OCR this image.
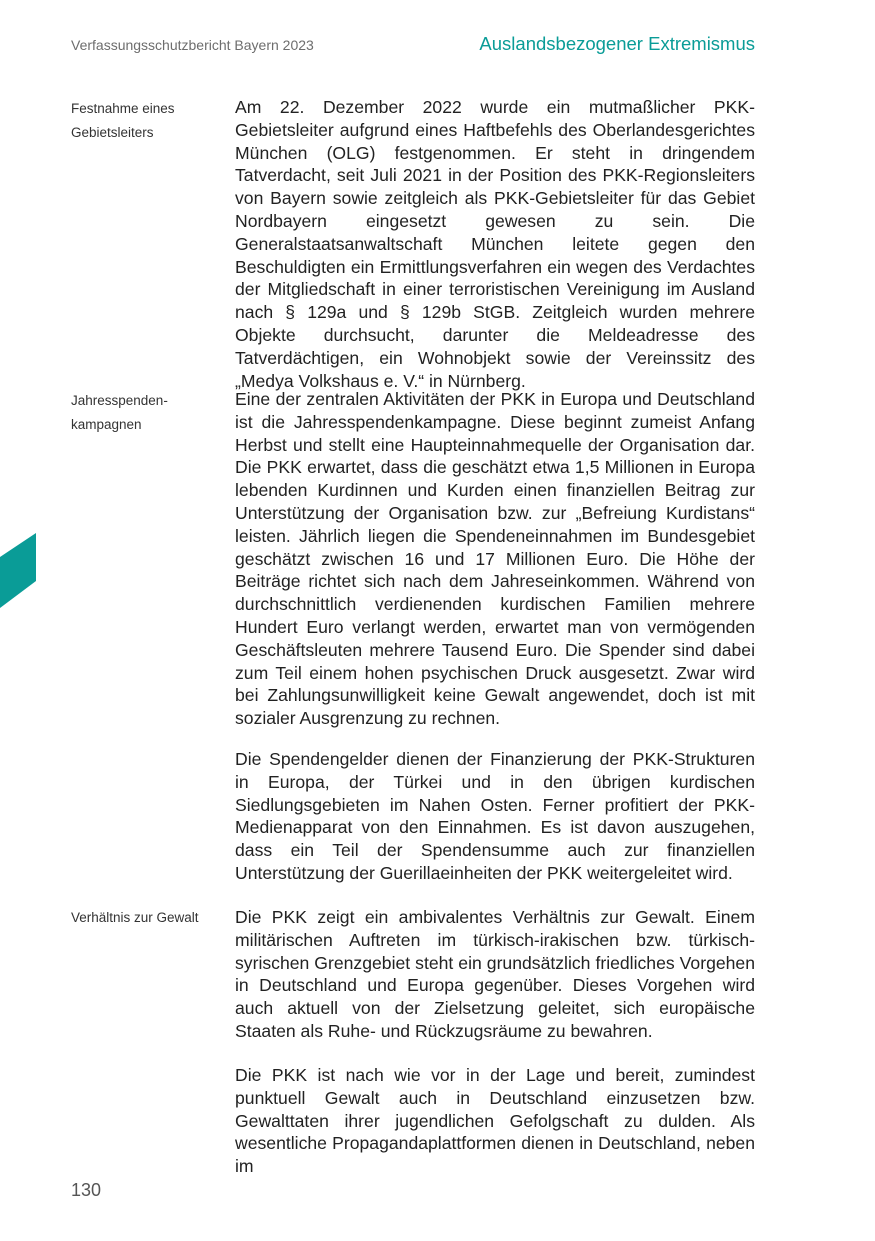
Verfassungsschutzbericht Bayern 2023	Auslandsbezogener Extremismus
Festnahme eines Gebietsleiters

Am 22. Dezember 2022 wurde ein mutmaßlicher PKK-Gebietsleiter aufgrund eines Haftbefehls des Oberlandesgerichtes München (OLG) festgenommen. Er steht in dringendem Tatverdacht, seit Juli 2021 in der Position des PKK-Regionsleiters von Bayern sowie zeitgleich als PKK-Gebietsleiter für das Gebiet Nordbayern eingesetzt gewesen zu sein. Die Generalstaatsanwaltschaft München leitete gegen den Beschuldigten ein Ermittlungsverfahren ein wegen des Verdachtes der Mitgliedschaft in einer terroristischen Vereinigung im Ausland nach § 129a und § 129b StGB. Zeitgleich wurden mehrere Objekte durchsucht, darunter die Meldeadresse des Tatverdächtigen, ein Wohnobjekt sowie der Vereinssitz des „Medya Volkshaus e. V.“ in Nürnberg.

Jahresspenden-kampagnen

Eine der zentralen Aktivitäten der PKK in Europa und Deutschland ist die Jahresspendenkampagne. Diese beginnt zumeist Anfang Herbst und stellt eine Haupteinnahmequelle der Organisation dar. Die PKK erwartet, dass die geschätzt etwa 1,5 Millionen in Europa lebenden Kurdinnen und Kurden einen finanziellen Beitrag zur Unterstützung der Organisation bzw. zur „Befreiung Kurdistans“ leisten. Jährlich liegen die Spendeneinnahmen im Bundesgebiet geschätzt zwischen 16 und 17 Millionen Euro. Die Höhe der Beiträge richtet sich nach dem Jahreseinkommen. Während von durchschnittlich verdienenden kurdischen Familien mehrere Hundert Euro verlangt werden, erwartet man von vermögenden Geschäftsleuten mehrere Tausend Euro. Die Spender sind dabei zum Teil einem hohen psychischen Druck ausgesetzt. Zwar wird bei Zahlungsunwilligkeit keine Gewalt angewendet, doch ist mit sozialer Ausgrenzung zu rechnen.

Die Spendengelder dienen der Finanzierung der PKK-Strukturen in Europa, der Türkei und in den übrigen kurdischen Siedlungsgebieten im Nahen Osten. Ferner profitiert der PKK-Medienapparat von den Einnahmen. Es ist davon auszugehen, dass ein Teil der Spendensumme auch zur finanziellen Unterstützung der Guerillaeinheiten der PKK weitergeleitet wird.

Verhältnis zur Gewalt	Die PKK zeigt ein ambivalentes Verhältnis zur Gewalt. Einem militärischen Auftreten im türkisch-irakischen bzw. türkisch-syrischen Grenzgebiet steht ein grundsätzlich friedliches Vorgehen in Deutschland und Europa gegenüber. Dieses Vorgehen wird auch aktuell von der Zielsetzung geleitet, sich europäische Staaten als Ruhe- und Rückzugsräume zu bewahren.

Die PKK ist nach wie vor in der Lage und bereit, zumindest punktuell Gewalt auch in Deutschland einzusetzen bzw. Gewalttaten ihrer jugendlichen Gefolgschaft zu dulden. Als wesentliche Propagandaplattformen dienen in Deutschland, neben im

130
